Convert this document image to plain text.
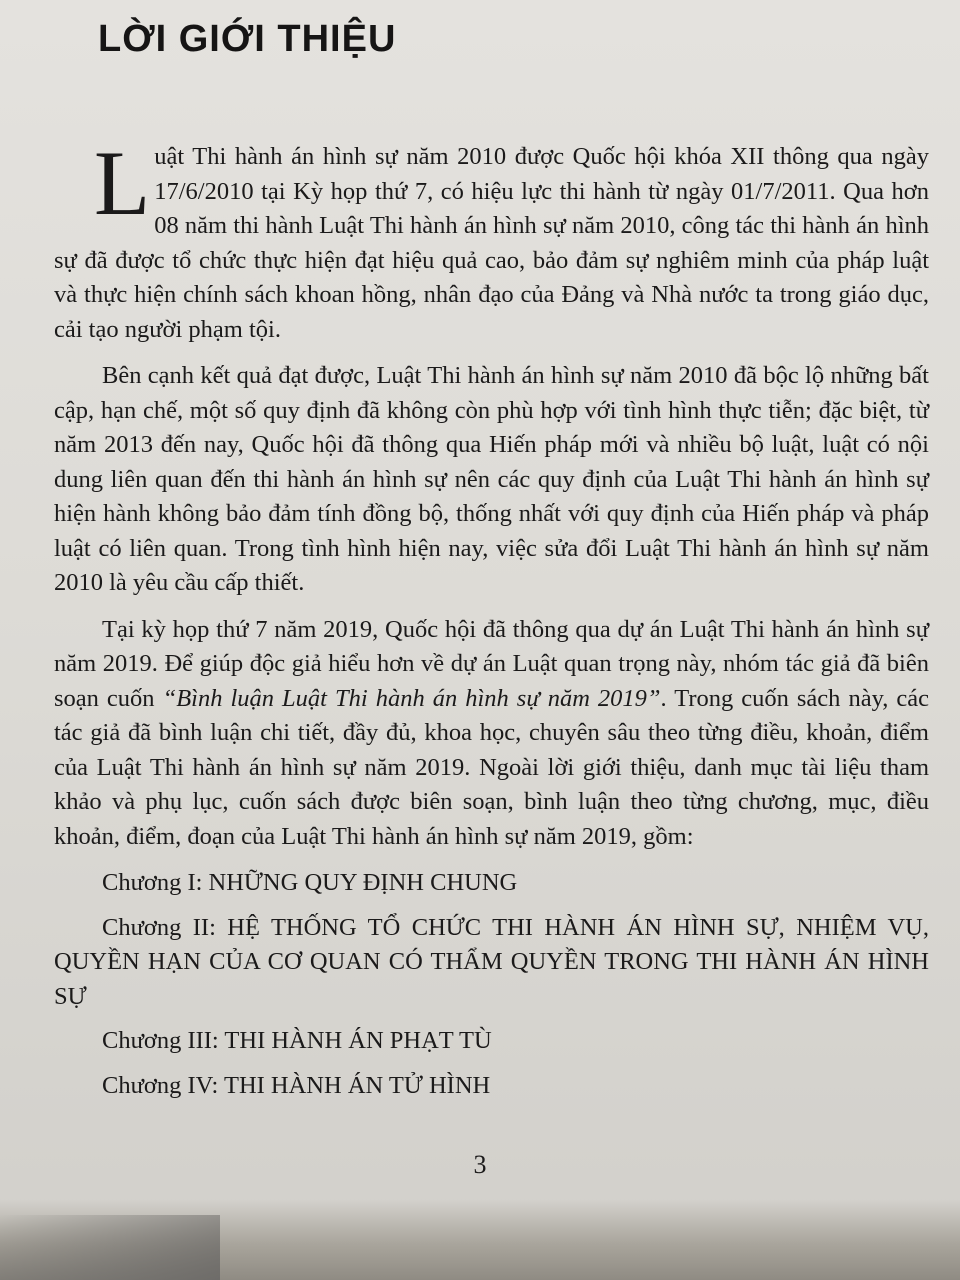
LỜI GIỚI THIỆU

Luật Thi hành án hình sự năm 2010 được Quốc hội khóa XII thông qua ngày 17/6/2010 tại Kỳ họp thứ 7, có hiệu lực thi hành từ ngày 01/7/2011. Qua hơn 08 năm thi hành Luật Thi hành án hình sự năm 2010, công tác thi hành án hình sự đã được tổ chức thực hiện đạt hiệu quả cao, bảo đảm sự nghiêm minh của pháp luật và thực hiện chính sách khoan hồng, nhân đạo của Đảng và Nhà nước ta trong giáo dục, cải tạo người phạm tội.

Bên cạnh kết quả đạt được, Luật Thi hành án hình sự năm 2010 đã bộc lộ những bất cập, hạn chế, một số quy định đã không còn phù hợp với tình hình thực tiễn; đặc biệt, từ năm 2013 đến nay, Quốc hội đã thông qua Hiến pháp mới và nhiều bộ luật, luật có nội dung liên quan đến thi hành án hình sự nên các quy định của Luật Thi hành án hình sự hiện hành không bảo đảm tính đồng bộ, thống nhất với quy định của Hiến pháp và pháp luật có liên quan. Trong tình hình hiện nay, việc sửa đổi Luật Thi hành án hình sự năm 2010 là yêu cầu cấp thiết.

Tại kỳ họp thứ 7 năm 2019, Quốc hội đã thông qua dự án Luật Thi hành án hình sự năm 2019. Để giúp độc giả hiểu hơn về dự án Luật quan trọng này, nhóm tác giả đã biên soạn cuốn “Bình luận Luật Thi hành án hình sự năm 2019”. Trong cuốn sách này, các tác giả đã bình luận chi tiết, đầy đủ, khoa học, chuyên sâu theo từng điều, khoản, điểm của Luật Thi hành án hình sự năm 2019. Ngoài lời giới thiệu, danh mục tài liệu tham khảo và phụ lục, cuốn sách được biên soạn, bình luận theo từng chương, mục, điều khoản, điểm, đoạn của Luật Thi hành án hình sự năm 2019, gồm:

Chương I: NHỮNG QUY ĐỊNH CHUNG

Chương II: HỆ THỐNG TỔ CHỨC THI HÀNH ÁN HÌNH SỰ, NHIỆM VỤ, QUYỀN HẠN CỦA CƠ QUAN CÓ THẨM QUYỀN TRONG THI HÀNH ÁN HÌNH SỰ

Chương III: THI HÀNH ÁN PHẠT TÙ

Chương IV: THI HÀNH ÁN TỬ HÌNH

3
